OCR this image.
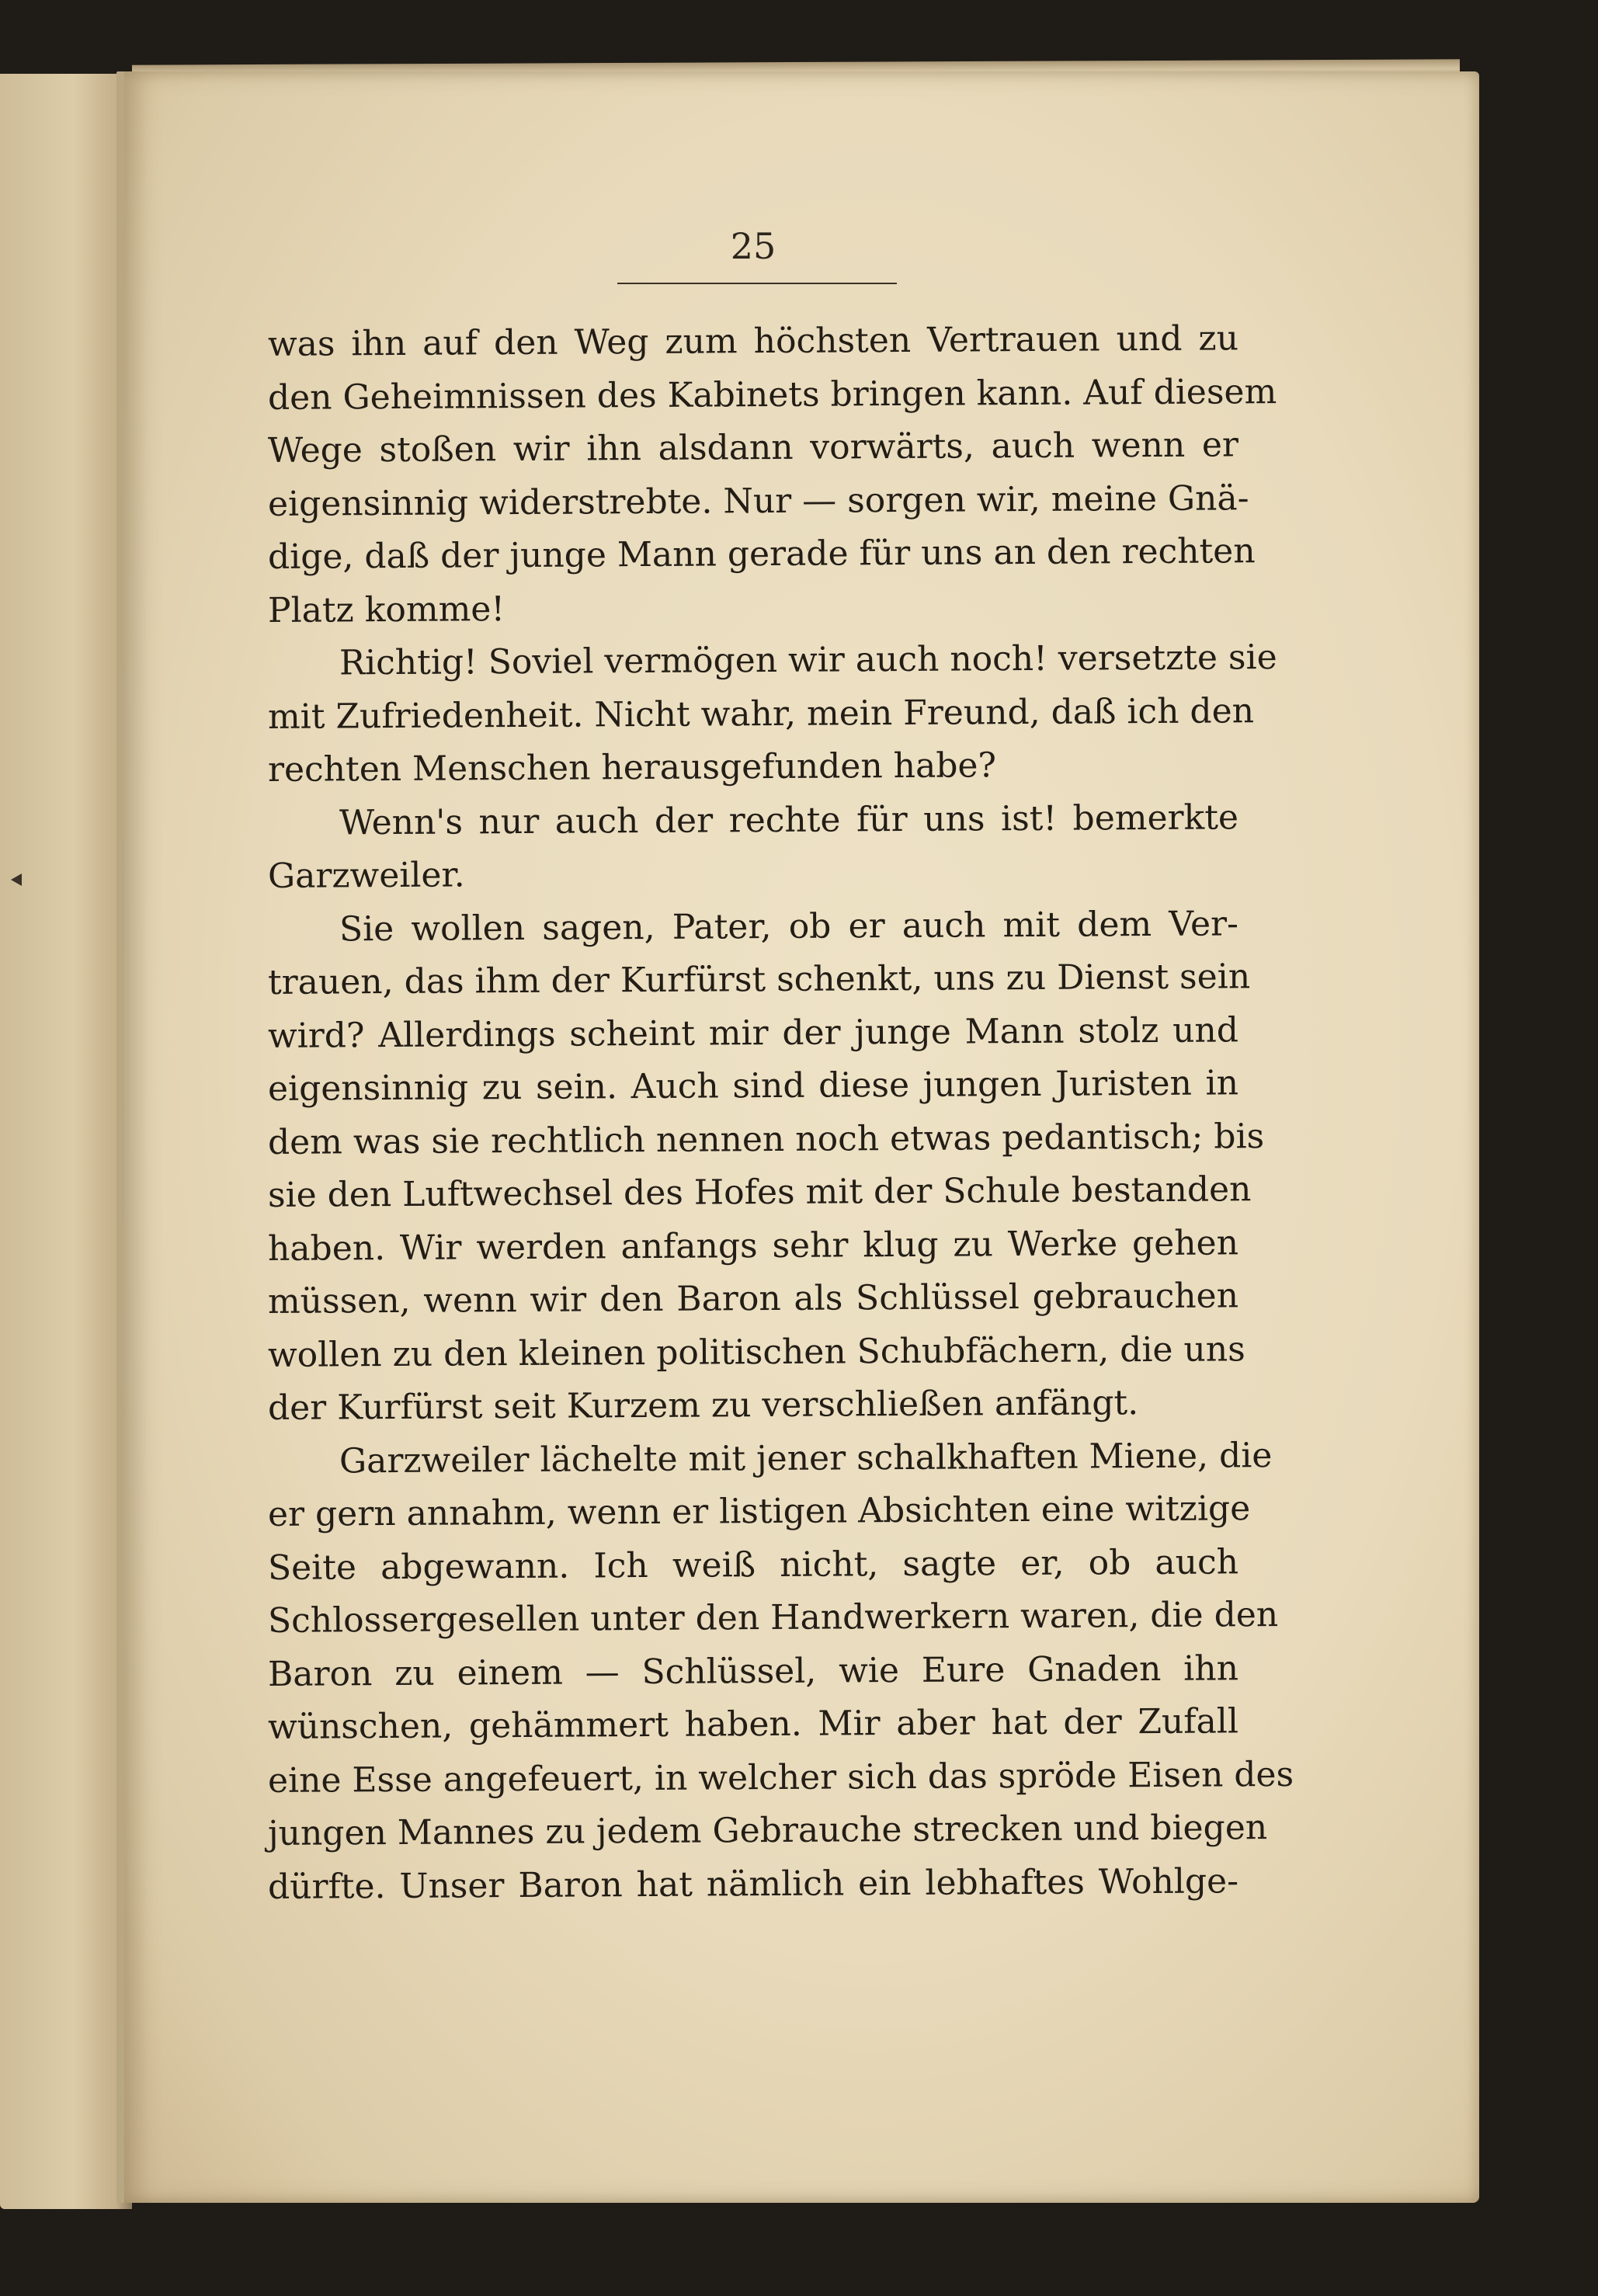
25
was ihn auf den Weg zum höchsten Vertrauen und zu
den Geheimnissen des Kabinets bringen kann. Auf diesem
Wege stoßen wir ihn alsdann vorwärts, auch wenn er
eigensinnig widerstrebte. Nur — sorgen wir, meine Gnä-
dige, daß der junge Mann gerade für uns an den rechten
Platz komme!
Richtig! Soviel vermögen wir auch noch! versetzte sie
mit Zufriedenheit. Nicht wahr, mein Freund, daß ich den
rechten Menschen herausgefunden habe?
Wenn's nur auch der rechte für uns ist! bemerkte
Garzweiler.
Sie wollen sagen, Pater, ob er auch mit dem Ver-
trauen, das ihm der Kurfürst schenkt, uns zu Dienst sein
wird? Allerdings scheint mir der junge Mann stolz und
eigensinnig zu sein. Auch sind diese jungen Juristen in
dem was sie rechtlich nennen noch etwas pedantisch; bis
sie den Luftwechsel des Hofes mit der Schule bestanden
haben. Wir werden anfangs sehr klug zu Werke gehen
müssen, wenn wir den Baron als Schlüssel gebrauchen
wollen zu den kleinen politischen Schubfächern, die uns
der Kurfürst seit Kurzem zu verschließen anfängt.
Garzweiler lächelte mit jener schalkhaften Miene, die
er gern annahm, wenn er listigen Absichten eine witzige
Seite abgewann. Ich weiß nicht, sagte er, ob auch
Schlossergesellen unter den Handwerkern waren, die den
Baron zu einem — Schlüssel, wie Eure Gnaden ihn
wünschen, gehämmert haben. Mir aber hat der Zufall
eine Esse angefeuert, in welcher sich das spröde Eisen des
jungen Mannes zu jedem Gebrauche strecken und biegen
dürfte. Unser Baron hat nämlich ein lebhaftes Wohlge-
